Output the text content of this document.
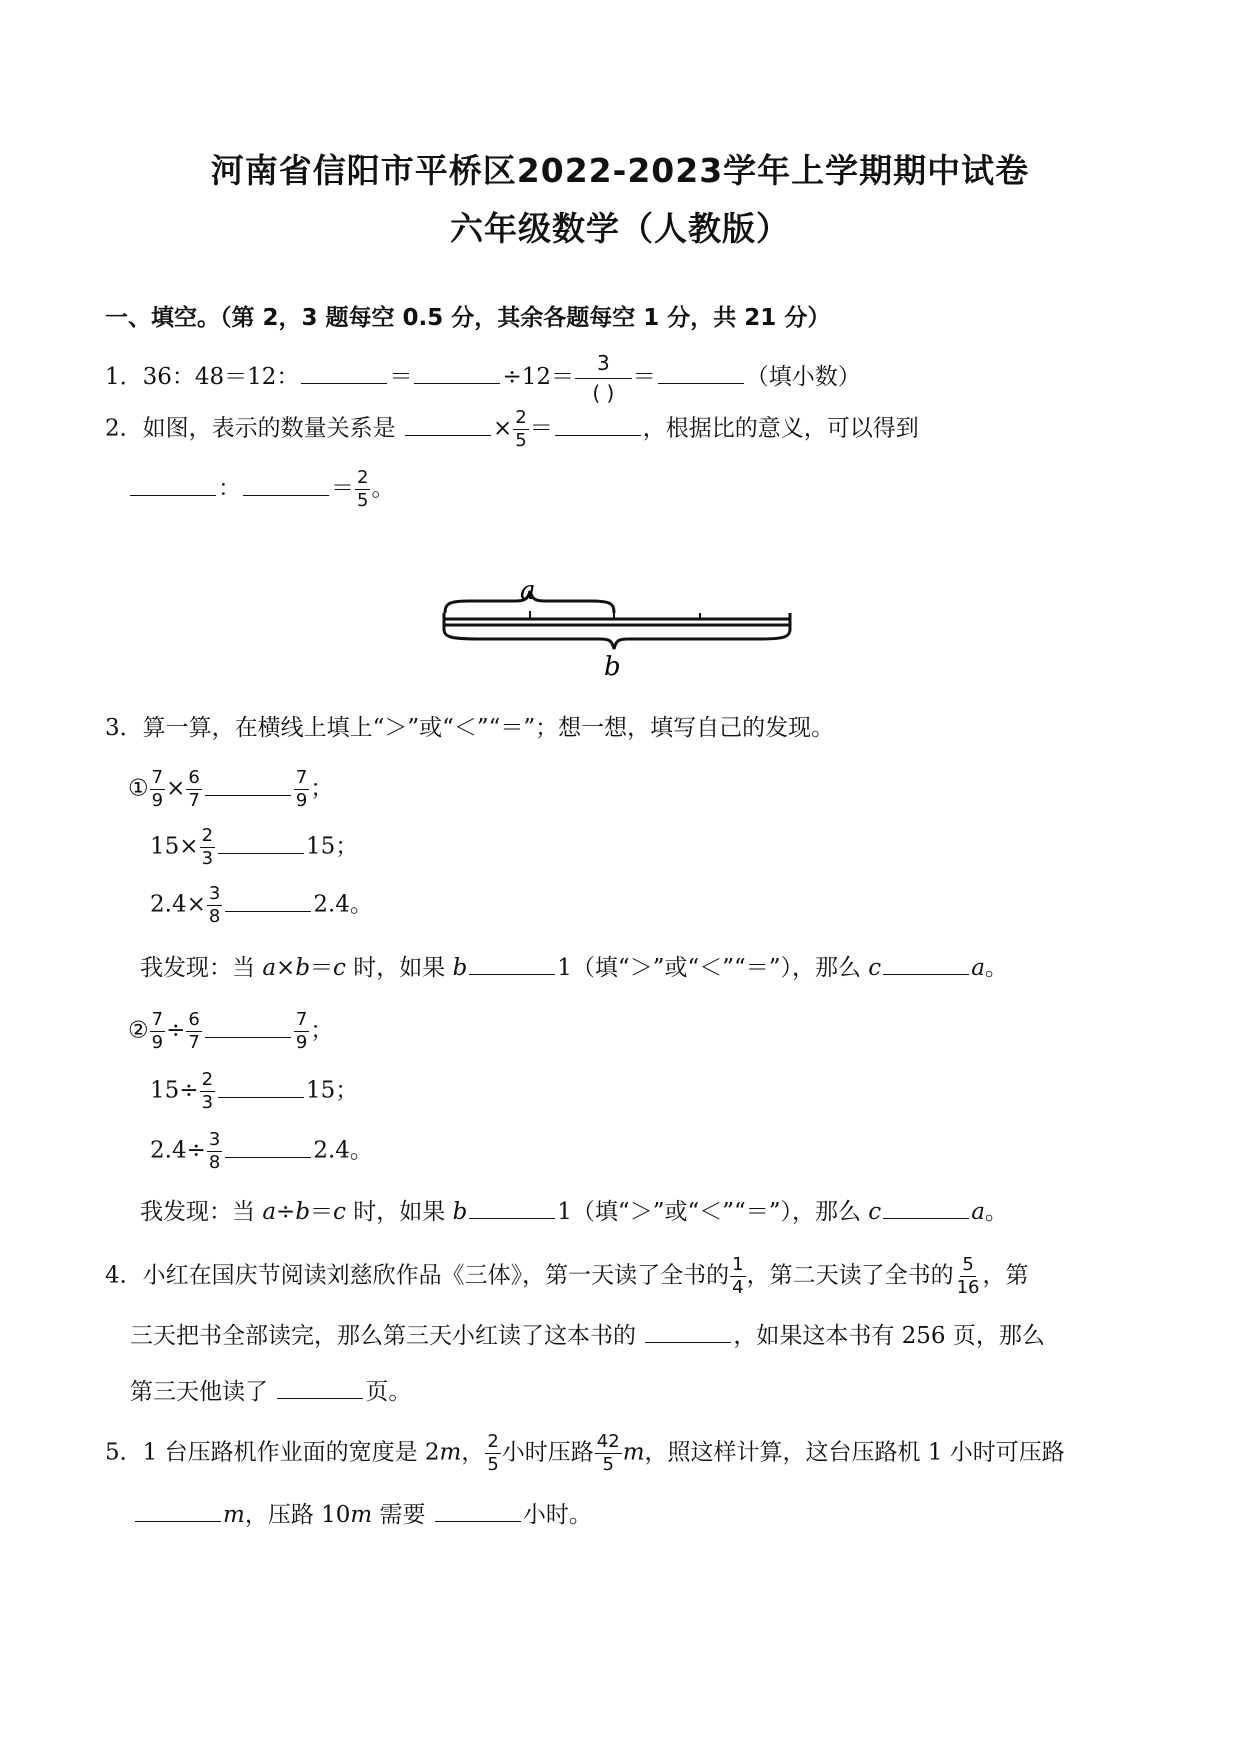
河南省信阳市平桥区2022-2023学年上学期期中试卷
六年级数学（人教版）
一、填空。（第 2，3 题每空 0.5 分，其余各题每空 1 分，共 21 分）
1．36：48＝12：	＝	$\div 12= \frac{3}{( )}$ ＝	（填小数）
2．如图，表示的数量关系是	× $\frac{2}{5}$ ＝	，根据比的意义，可以得到
：	＝ $\frac{2}{5}$ 。
a
b
3．算一算，在横线上填上“＞”或“＜”“＝”；想一想，填写自己的发现。
① $\frac{7}{9} \times \frac{6}{7}$	$\frac{7}{9}$ ；
$15\times \frac{2}{3}$	15；
$2.4\times \frac{3}{8}$	2.4。
我发现：当 a×b＝c 时，如果 b	1（填“＞”或“＜”“＝”），那么 c	a。
② $\frac{7}{9} \div \frac{6}{7}$	$\frac{7}{9}$ ；
$15\div \frac{2}{3}$	15；
$2.4\div \frac{3}{8}$	2.4。
我发现：当 a÷b＝c 时，如果 b	1（填“＞”或“＜”“＝”），那么 c	a。
4．小红在国庆节阅读刘慈欣作品《三体》，第一天读了全书的 $\frac{1}{4}$ ，第二天读了全书的 $\frac{5}{16}$ ，第
三天把书全部读完，那么第三天小红读了这本书的	，如果这本书有 256 页，那么
第三天他读了	页。
5．1 台压路机作业面的宽度是 2m， $\frac{2}{5}$ 小时压路 $\frac{42}{5}$ m，照这样计算，这台压路机 1 小时可压路
m，压路 10m 需要	小时。
